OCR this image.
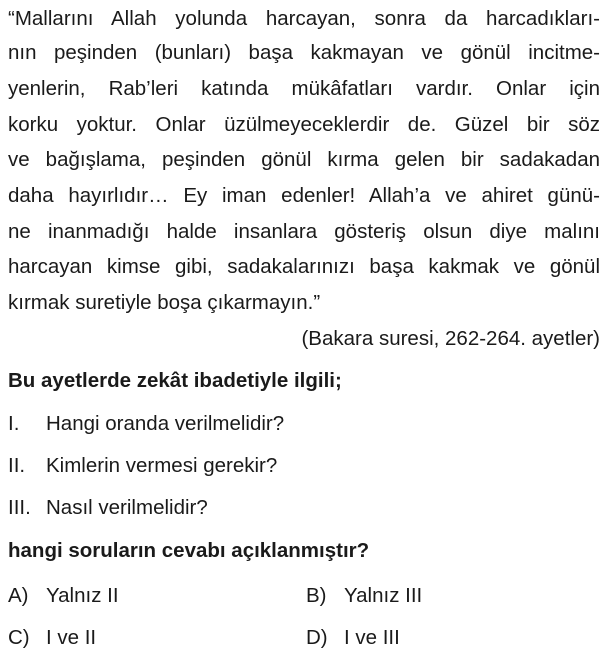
“Mallarını Allah yolunda harcayan, sonra da harcadıkları-
nın peşinden (bunları) başa kakmayan ve gönül incitme-
yenlerin, Rab’leri katında mükâfatları vardır. Onlar için
korku yoktur. Onlar üzülmeyeceklerdir de. Güzel bir söz
ve bağışlama, peşinden gönül kırma gelen bir sadakadan
daha hayırlıdır… Ey iman edenler! Allah’a ve ahiret günü-
ne inanmadığı halde insanlara gösteriş olsun diye malını
harcayan kimse gibi, sadakalarınızı başa kakmak ve gönül
kırmak suretiyle boşa çıkarmayın.”
(Bakara suresi, 262-264. ayetler)
Bu ayetlerde zekât ibadetiyle ilgili;
I. Hangi oranda verilmelidir?
II. Kimlerin vermesi gerekir?
III. Nasıl verilmelidir?
hangi soruların cevabı açıklanmıştır?
A) Yalnız II	B) Yalnız III
C) I ve II	D) I ve III
